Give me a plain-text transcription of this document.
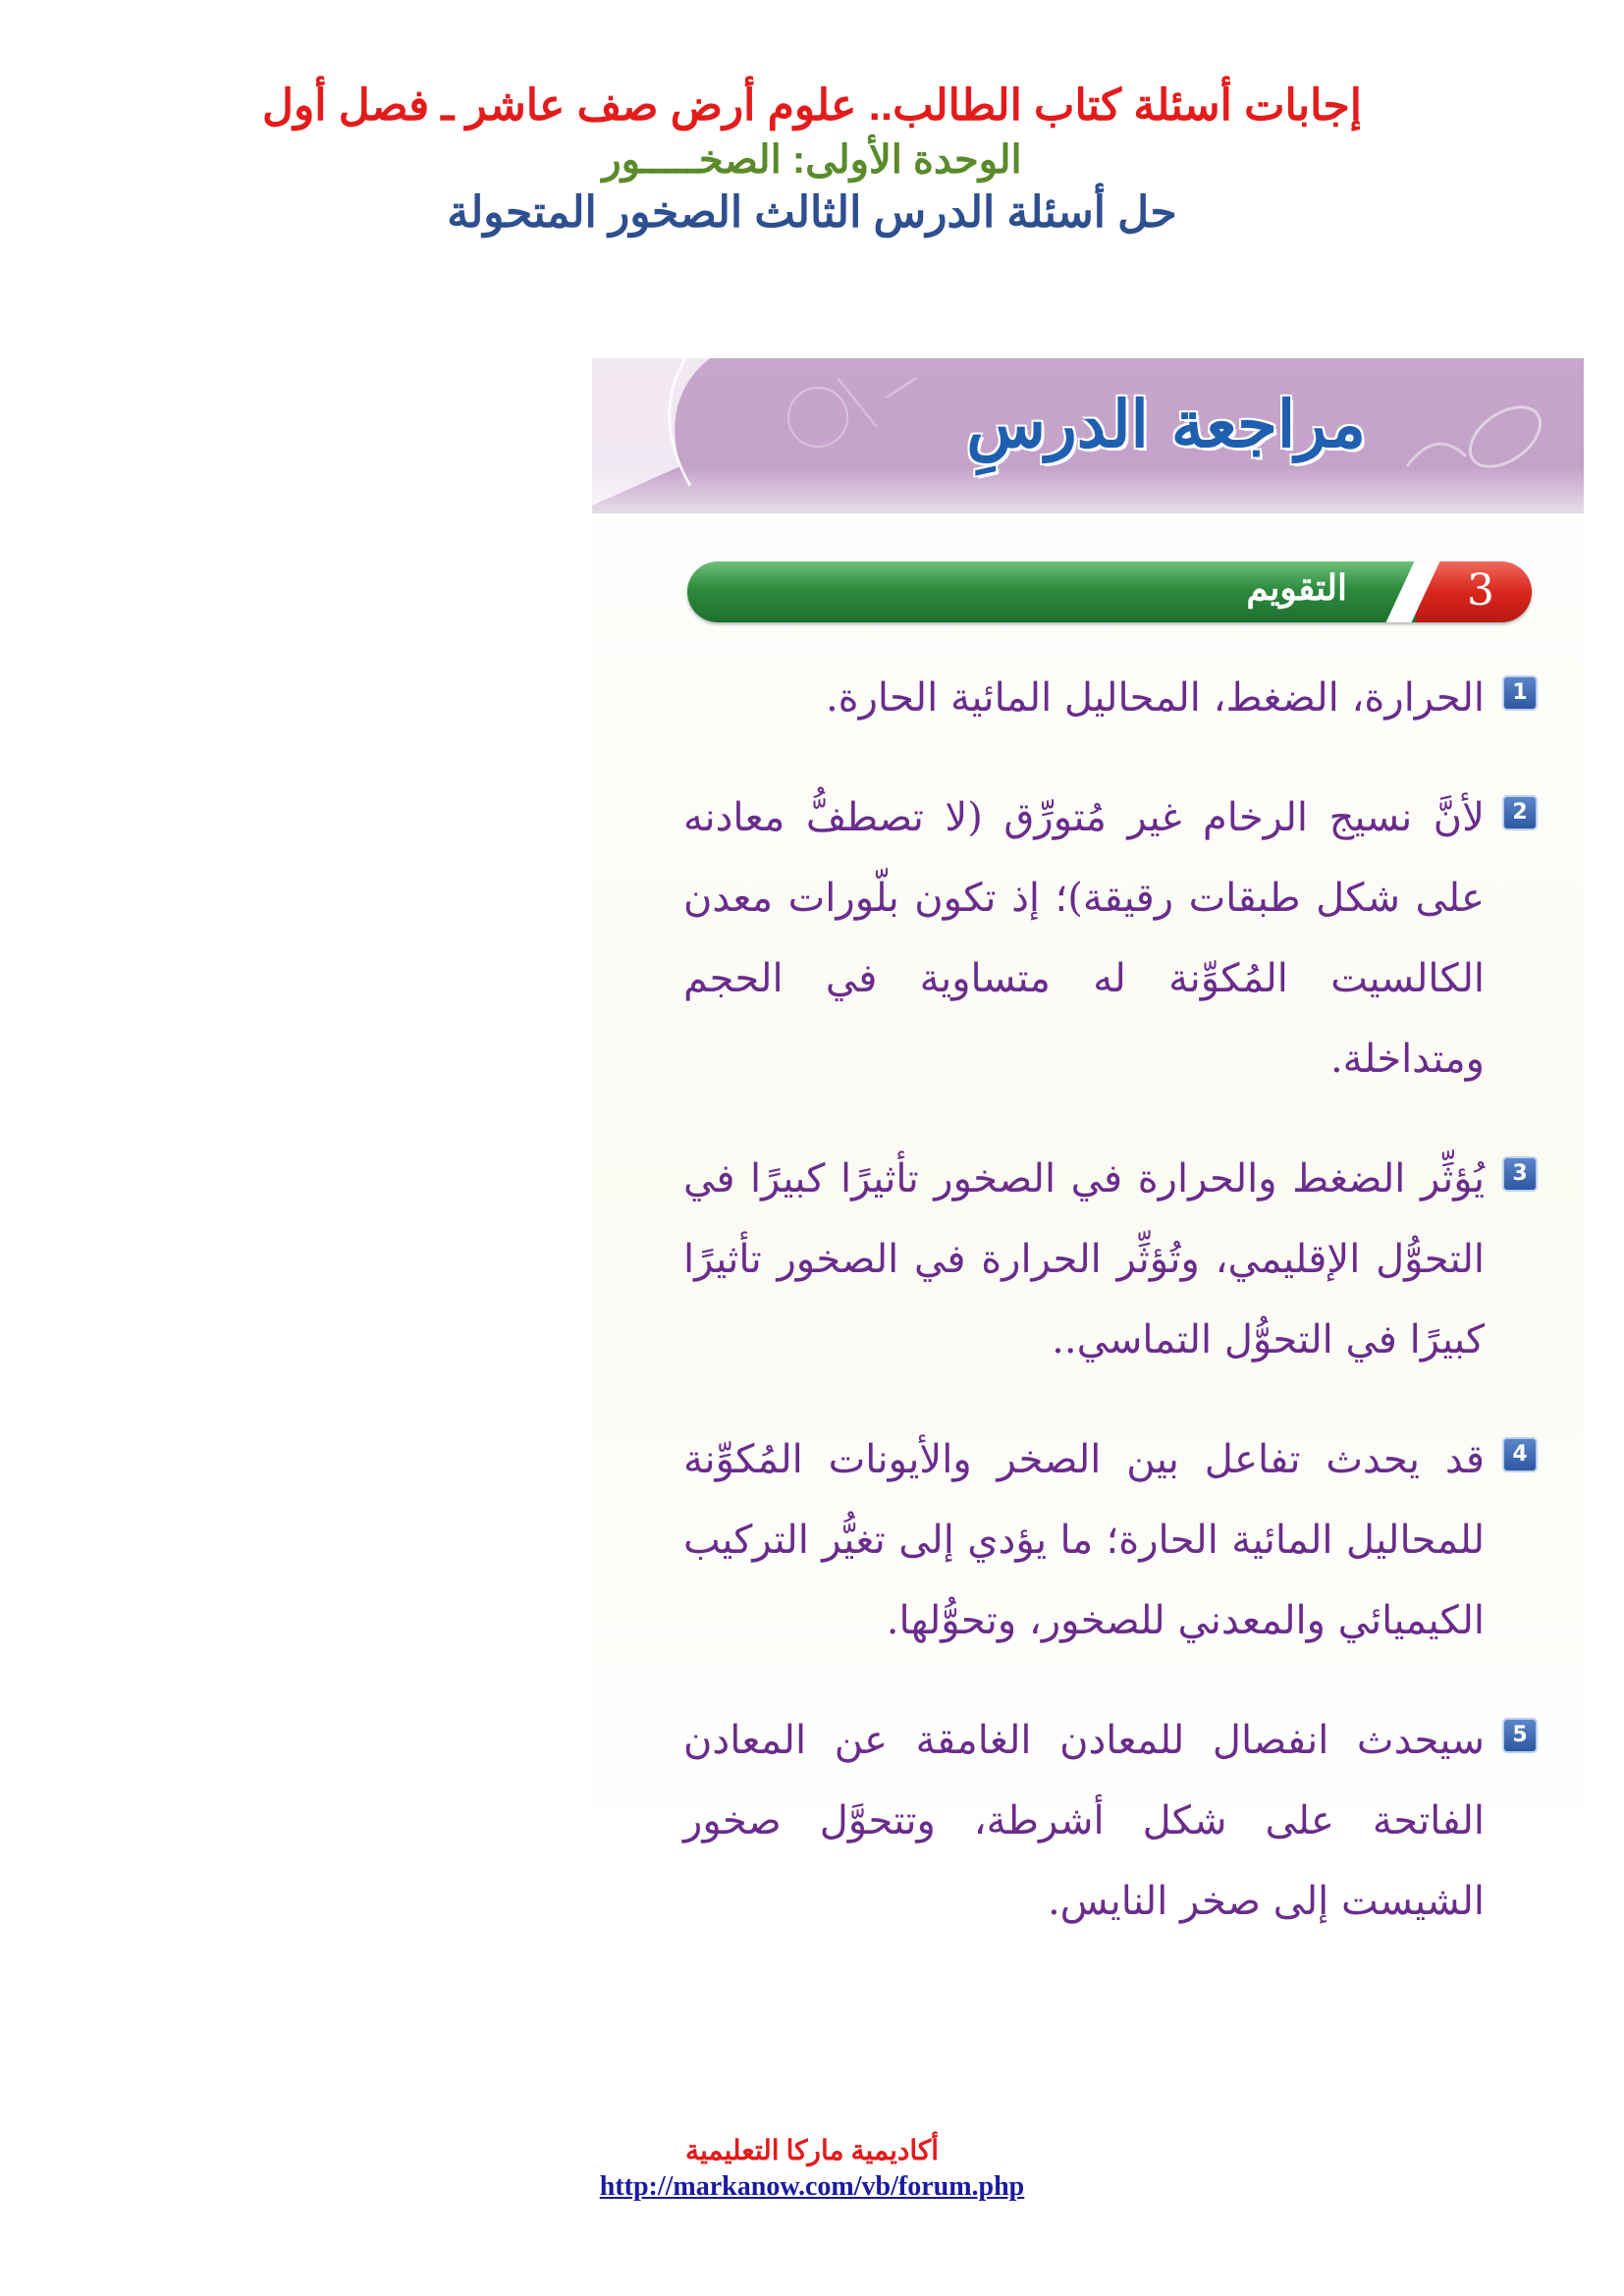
إجابات أسئلة كتاب الطالب.. علوم أرض صف عاشر ـ فصل أول
الوحدة الأولى: الصخـــــور
حل أسئلة الدرس الثالث الصخور المتحولة
مراجعة الدرسِ
3
التقويم
1
الحرارة، الضغط، المحاليل المائية الحارة.
2
لأنَّ نسيج الرخام غير مُتورِّق (لا تصطفُّ معادنه على شكل طبقات رقيقة)؛ إذ تكون بلّورات معدن الكالسيت المُكوِّنة له متساوية في الحجم ومتداخلة.
3
يُؤثِّر الضغط والحرارة في الصخور تأثيرًا كبيرًا في التحوُّل الإقليمي، وتُؤثِّر الحرارة في الصخور تأثيرًا كبيرًا في التحوُّل التماسي..
4
قد يحدث تفاعل بين الصخر والأيونات المُكوِّنة للمحاليل المائية الحارة؛ ما يؤدي إلى تغيُّر التركيب الكيميائي والمعدني للصخور، وتحوُّلها.
5
سيحدث انفصال للمعادن الغامقة عن المعادن الفاتحة على شكل أشرطة، وتتحوَّل صخور الشيست إلى صخر النايس.
أكاديمية ماركا التعليمية
http://markanow.com/vb/forum.php
